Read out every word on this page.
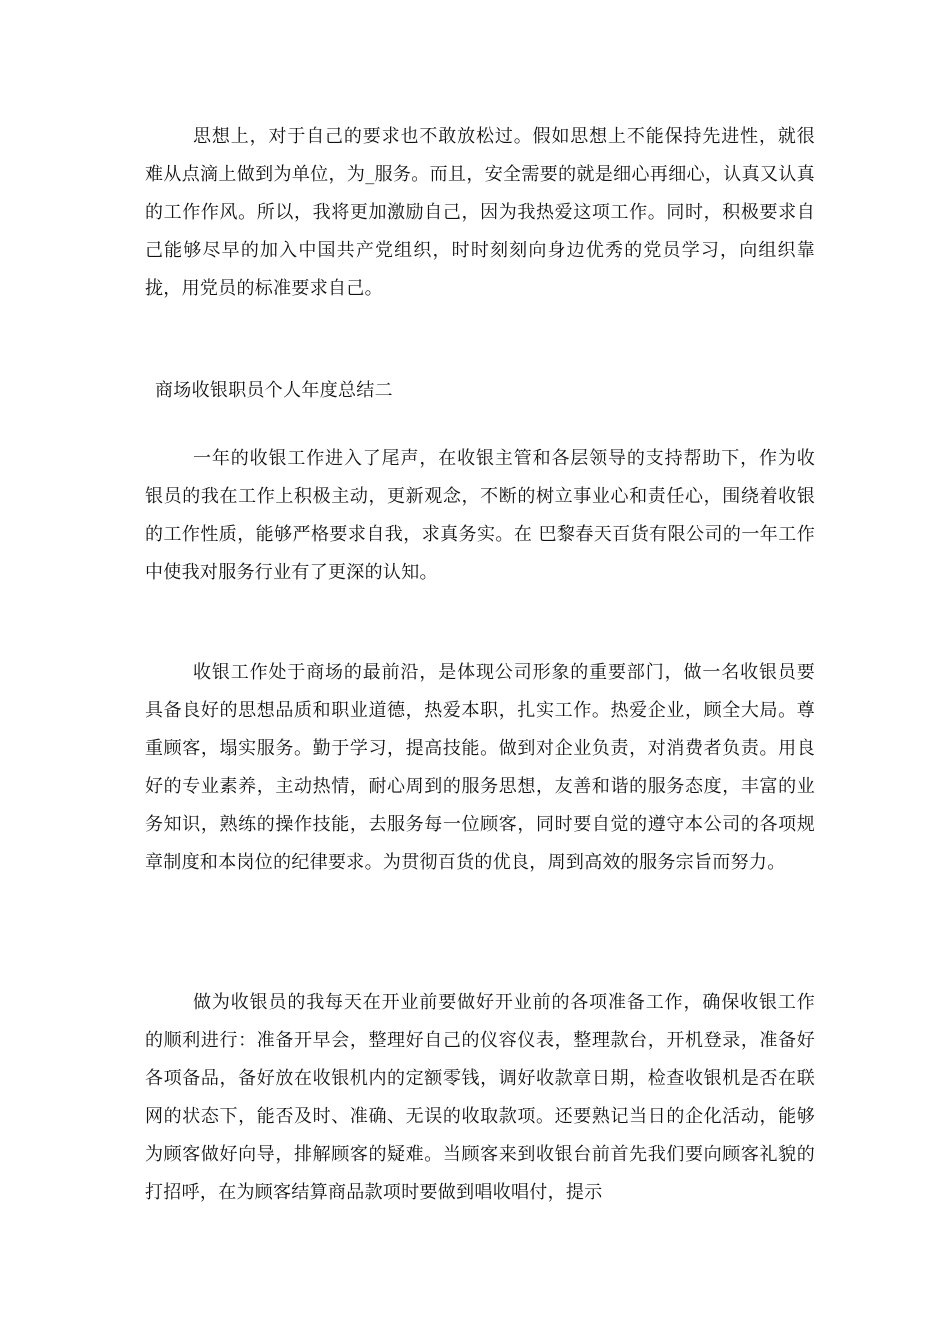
思想上，对于自己的要求也不敢放松过。假如思想上不能保持先进性，就很难从点滴上做到为单位，为_服务。而且，安全需要的就是细心再细心，认真又认真的工作作风。所以，我将更加激励自己，因为我热爱这项工作。同时，积极要求自己能够尽早的加入中国共产党组织，时时刻刻向身边优秀的党员学习，向组织靠拢，用党员的标准要求自己。

商场收银职员个人年度总结二

一年的收银工作进入了尾声，在收银主管和各层领导的支持帮助下，作为收银员的我在工作上积极主动，更新观念，不断的树立事业心和责任心，围绕着收银的工作性质，能够严格要求自我，求真务实。在 巴黎春天百货有限公司的一年工作中使我对服务行业有了更深的认知。

收银工作处于商场的最前沿，是体现公司形象的重要部门，做一名收银员要具备良好的思想品质和职业道德，热爱本职，扎实工作。热爱企业，顾全大局。尊重顾客，塌实服务。勤于学习，提高技能。做到对企业负责，对消费者负责。用良好的专业素养，主动热情，耐心周到的服务思想，友善和谐的服务态度，丰富的业务知识，熟练的操作技能，去服务每一位顾客，同时要自觉的遵守本公司的各项规章制度和本岗位的纪律要求。为贯彻百货的优良，周到高效的服务宗旨而努力。

做为收银员的我每天在开业前要做好开业前的各项准备工作，确保收银工作的顺利进行：准备开早会，整理好自己的仪容仪表，整理款台，开机登录，准备好各项备品，备好放在收银机内的定额零钱，调好收款章日期，检查收银机是否在联网的状态下，能否及时、准确、无误的收取款项。还要熟记当日的企化活动，能够为顾客做好向导，排解顾客的疑难。当顾客来到收银台前首先我们要向顾客礼貌的打招呼，在为顾客结算商品款项时要做到唱收唱付，提示
